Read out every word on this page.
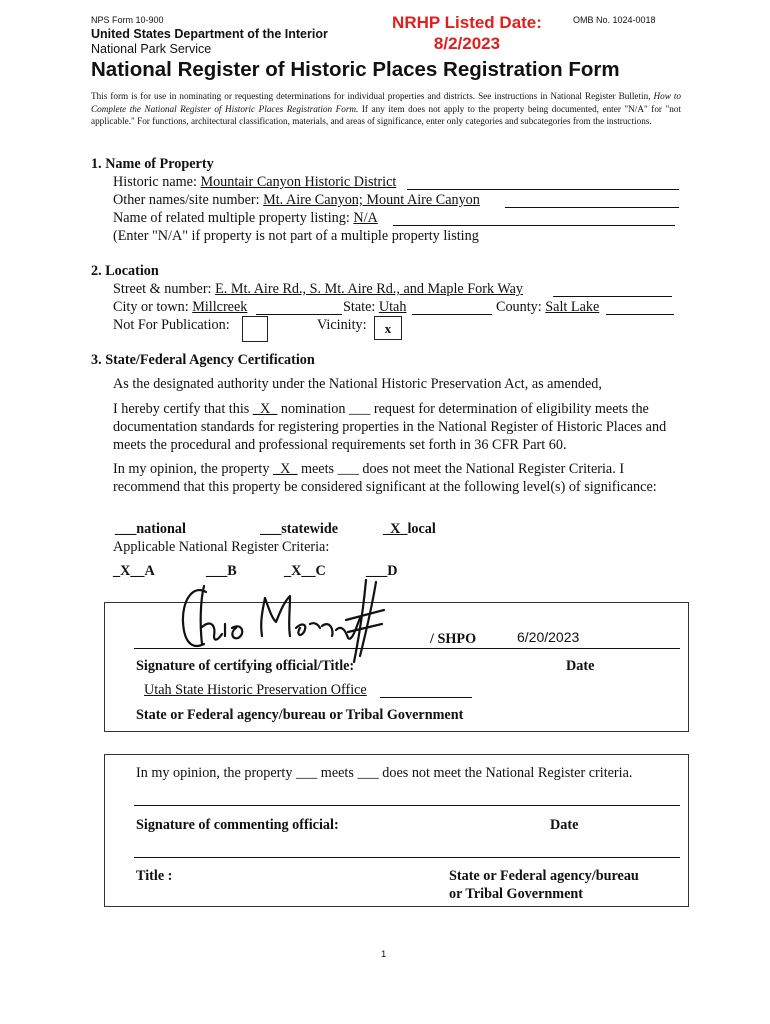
NPS Form 10-900
United States Department of the Interior
National Park Service
NRHP Listed Date:
8/2/2023
OMB No. 1024-0018
National Register of Historic Places Registration Form
This form is for use in nominating or requesting determinations for individual properties and districts. See instructions in National Register Bulletin, How to Complete the National Register of Historic Places Registration Form. If any item does not apply to the property being documented, enter "N/A" for "not applicable." For functions, architectural classification, materials, and areas of significance, enter only categories and subcategories from the instructions.
1. Name of Property
Historic name: Mountair Canyon Historic District
Other names/site number: Mt. Aire Canyon; Mount Aire Canyon
Name of related multiple property listing: N/A
(Enter "N/A" if property is not part of a multiple property listing
2. Location
Street & number: E. Mt. Aire Rd., S. Mt. Aire Rd., and Maple Fork Way
City or town: Millcreek	State: Utah	County: Salt Lake
Not For Publication:	Vicinity:	x
3. State/Federal Agency Certification
As the designated authority under the National Historic Preservation Act, as amended,
I hereby certify that this _X_ nomination ___ request for determination of eligibility meets the documentation standards for registering properties in the National Register of Historic Places and meets the procedural and professional requirements set forth in 36 CFR Part 60.
In my opinion, the property _X_ meets ___ does not meet the National Register Criteria. I recommend that this property be considered significant at the following level(s) of significance:
___national	___statewide	_X_local
Applicable National Register Criteria:
_X__A	___B	_X__C	___D
/ SHPO	6/20/2023
Signature of certifying official/Title:	Date
Utah State Historic Preservation Office
State or Federal agency/bureau or Tribal Government
In my opinion, the property ___ meets ___ does not meet the National Register criteria.
Signature of commenting official:	Date
Title :	State or Federal agency/bureau
or Tribal Government
1
